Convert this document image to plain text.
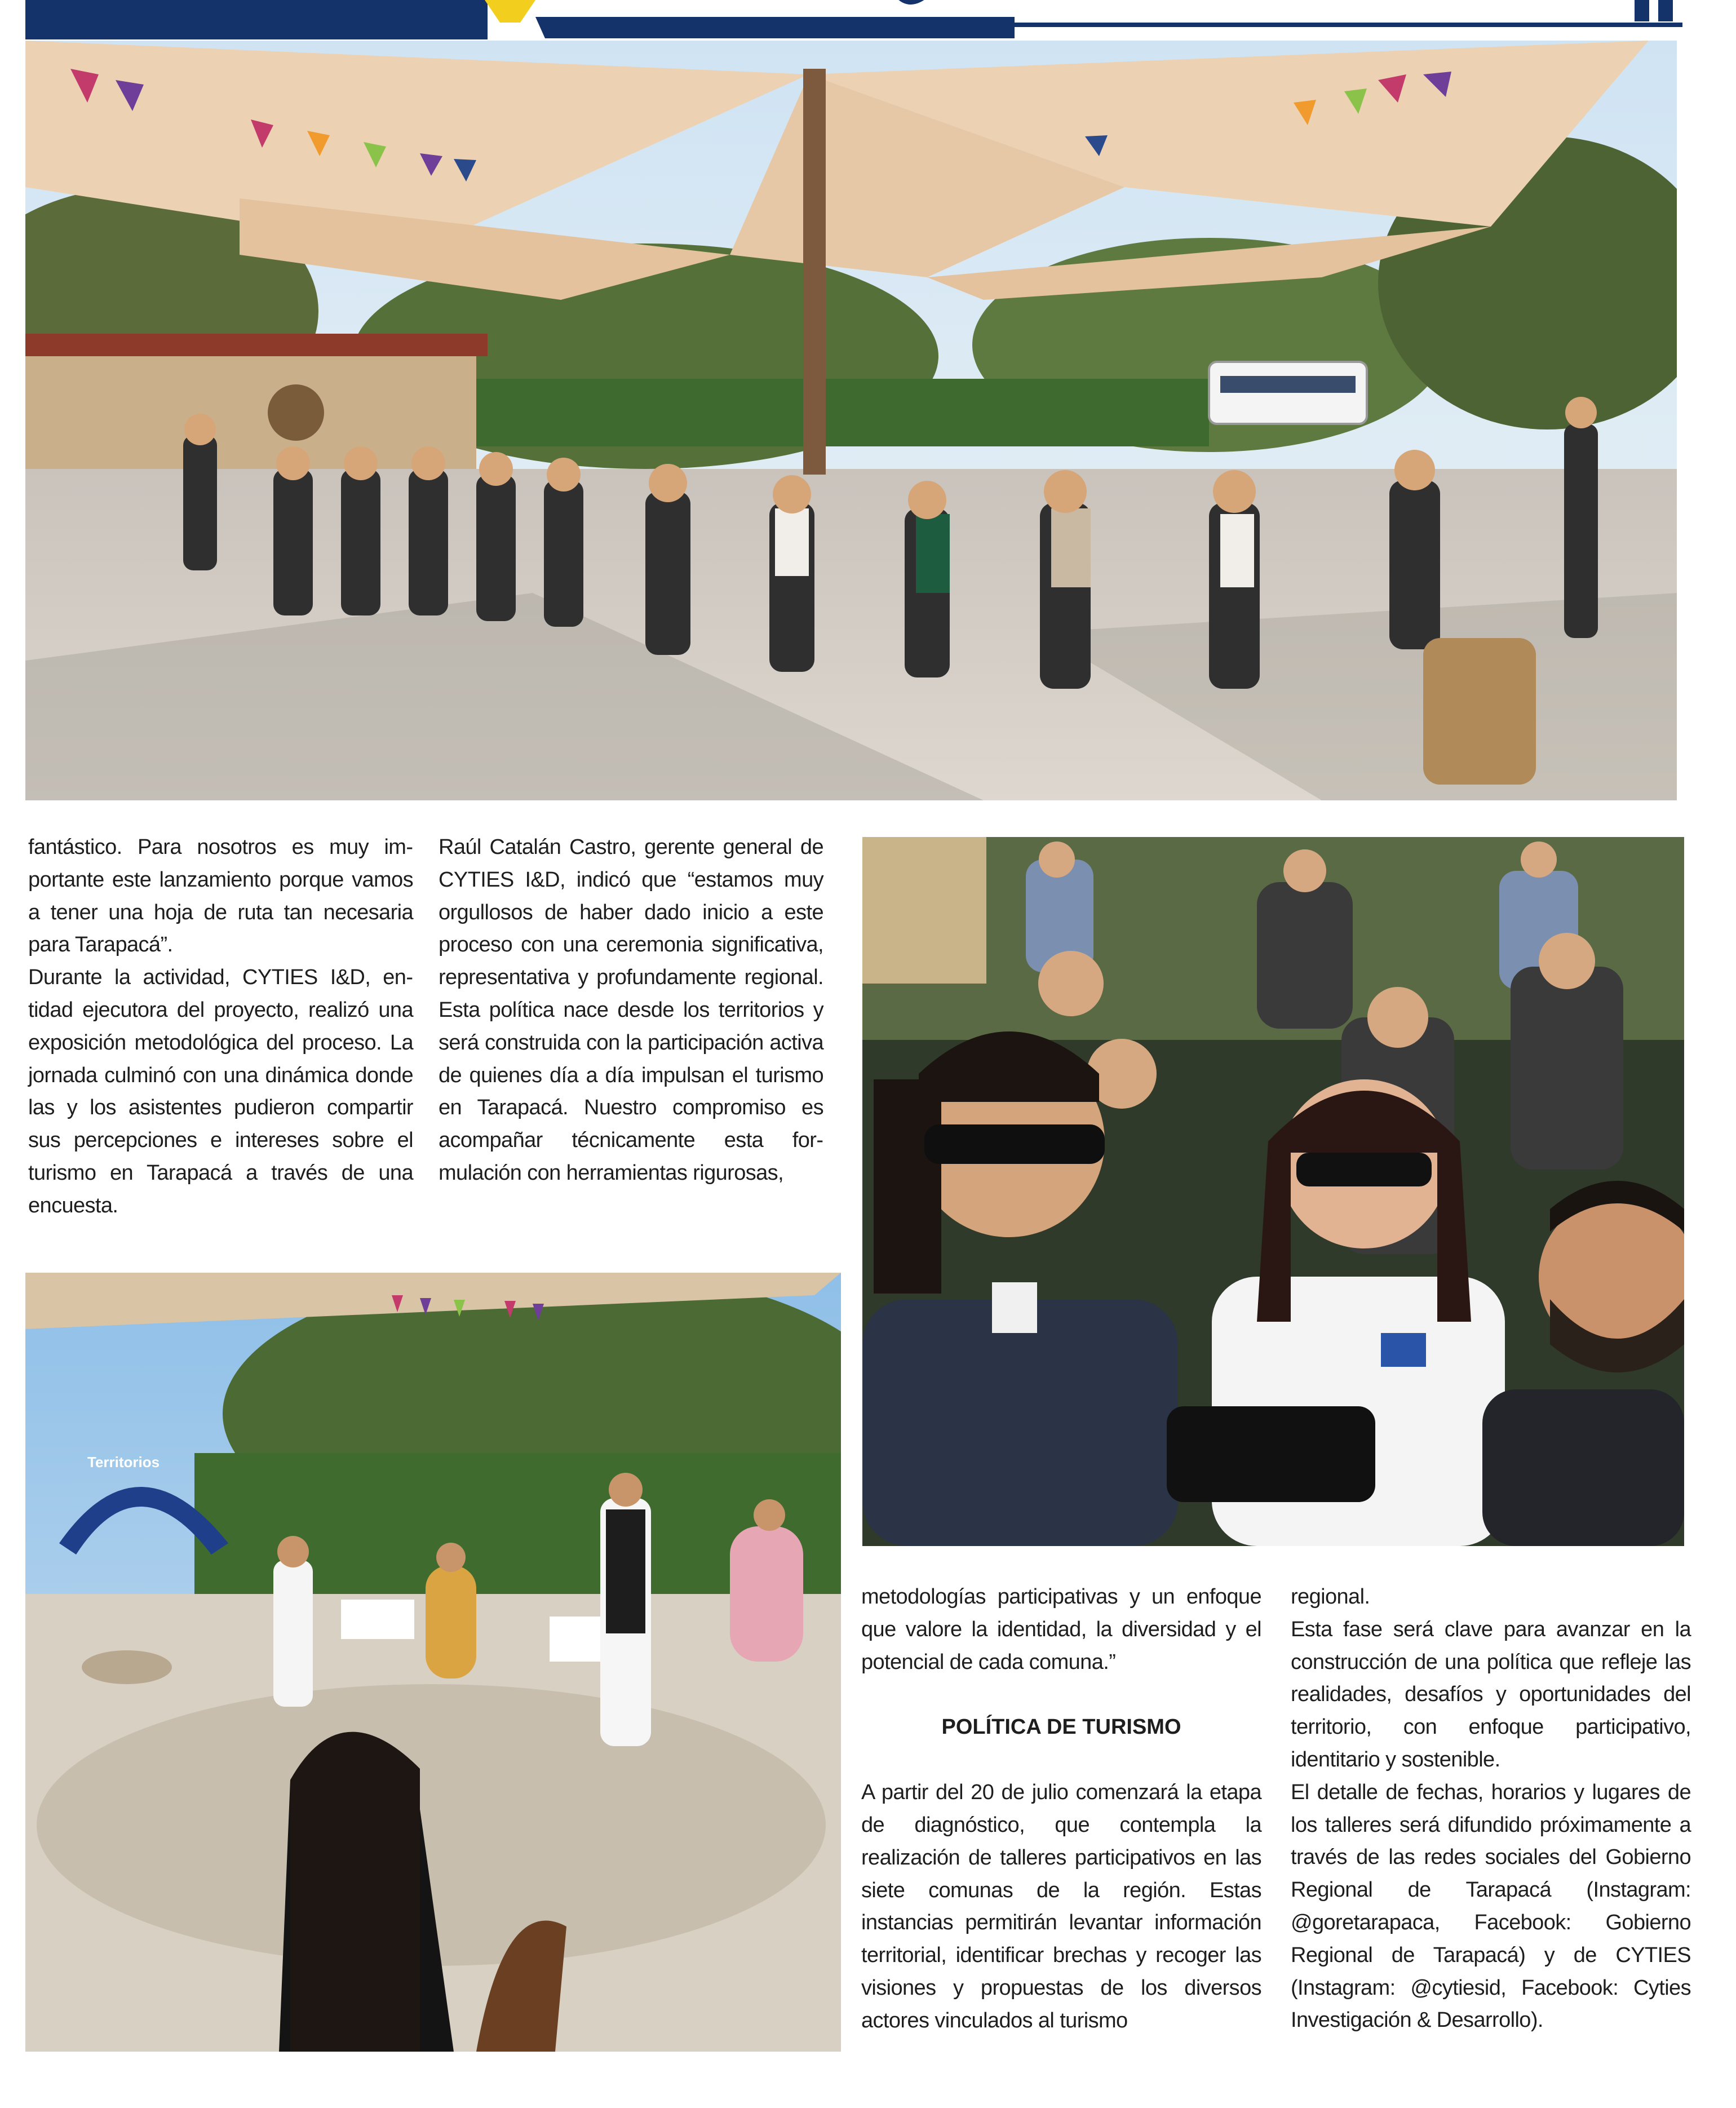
fantástico. Para nosotros es muy importante este lanzamiento porque vamos a tener una hoja de ruta tan necesaria para Tarapacá”.

Durante la actividad, CYTIES I&D, entidad ejecutora del proyecto, realizó una exposición metodológica del proceso. La jornada culminó con una dinámica donde las y los asistentes pudieron compartir sus percepciones e intereses sobre el turismo en Tarapacá a través de una encuesta.

Raúl Catalán Castro, gerente general de CYTIES I&D, indicó que “estamos muy orgullosos de haber dado inicio a este proceso con una ceremonia significativa, representativa y profundamente regional. Esta política nace desde los territorios y será construida con la participación activa de quienes día a día impulsan el turismo en Tarapacá. Nuestro compromiso es acompañar técnicamente esta formulación con herramientas rigurosas,

Territorios

metodologías participativas y un enfoque que valore la identidad, la diversidad y el potencial de cada comuna.”

POLÍTICA DE TURISMO

A partir del 20 de julio comenzará la etapa de diagnóstico, que contempla la realización de talleres participativos en las siete comunas de la región. Estas instancias permitirán levantar información territorial, identificar brechas y recoger las visiones y propuestas de los diversos actores vinculados al turismo

regional.

Esta fase será clave para avanzar en la construcción de una política que refleje las realidades, desafíos y oportunidades del territorio, con enfoque participativo, identitario y sostenible.

El detalle de fechas, horarios y lugares de los talleres será difundido próximamente a través de las redes sociales del Gobierno Regional de Tarapacá (Instagram: @goretarapaca, Facebook: Gobierno Regional de Tarapacá) y de CYTIES (Instagram: @cytiesid, Facebook: Cyties Investigación & Desarrollo).
